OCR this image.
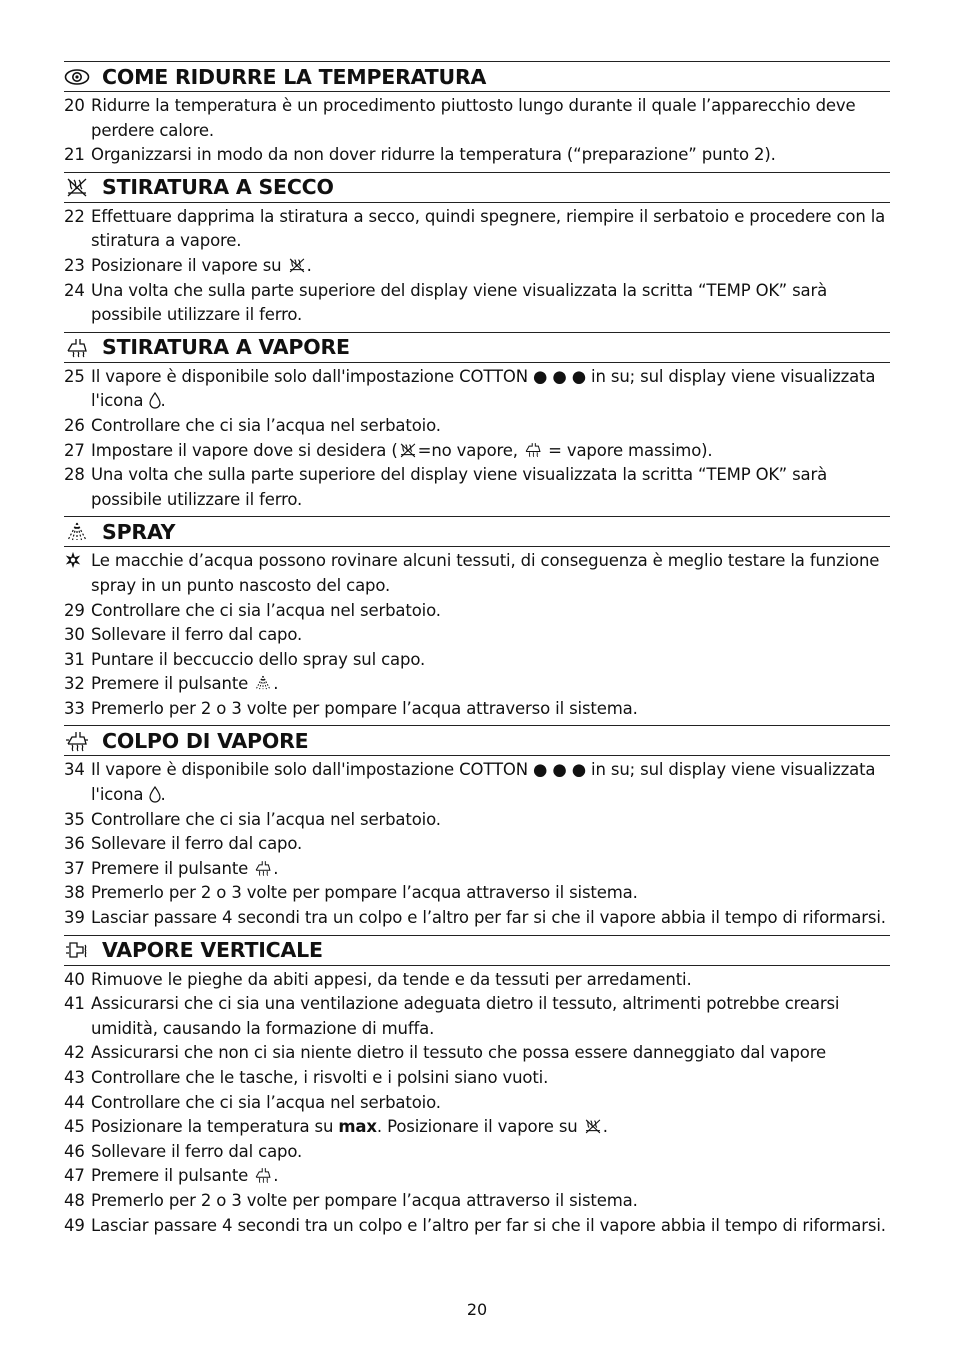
COME RIDURRE LA TEMPERATURA
20 Ridurre la temperatura è un procedimento piuttosto lungo durante il quale l’apparecchio deve perdere calore.
21 Organizzarsi in modo da non dover ridurre la temperatura (“preparazione” punto 2).
STIRATURA A SECCO
22 Effettuare dapprima la stiratura a secco, quindi spegnere, riempire il serbatoio e procedere con la stiratura a vapore.
23 Posizionare il vapore su .
24 Una volta che sulla parte superiore del display viene visualizzata la scritta “TEMP OK” sarà possibile utilizzare il ferro.
STIRATURA A VAPORE
25 Il vapore è disponibile solo dall'impostazione COTTON ● ● ● in su; sul display viene visualizzata l'icona .
26 Controllare che ci sia l’acqua nel serbatoio.
27 Impostare il vapore dove si desidera ( =no vapore,  = vapore massimo).
28 Una volta che sulla parte superiore del display viene visualizzata la scritta “TEMP OK” sarà possibile utilizzare il ferro.
SPRAY
Le macchie d’acqua possono rovinare alcuni tessuti, di conseguenza è meglio testare la funzione spray in un punto nascosto del capo.
29 Controllare che ci sia l’acqua nel serbatoio.
30 Sollevare il ferro dal capo.
31 Puntare il beccuccio dello spray sul capo.
32 Premere il pulsante .
33 Premerlo per 2 o 3 volte per pompare l’acqua attraverso il sistema.
COLPO DI VAPORE
34 Il vapore è disponibile solo dall'impostazione COTTON ● ● ● in su; sul display viene visualizzata l'icona .
35 Controllare che ci sia l’acqua nel serbatoio.
36 Sollevare il ferro dal capo.
37 Premere il pulsante .
38 Premerlo per 2 o 3 volte per pompare l’acqua attraverso il sistema.
39 Lasciar passare 4 secondi tra un colpo e l’altro per far si che il vapore abbia il tempo di riformarsi.
VAPORE VERTICALE
40 Rimuove le pieghe da abiti appesi, da tende e da tessuti per arredamenti.
41 Assicurarsi che ci sia una ventilazione adeguata dietro il tessuto, altrimenti potrebbe crearsi umidità, causando la formazione di muffa.
42 Assicurarsi che non ci sia niente dietro il tessuto che possa essere danneggiato dal vapore
43 Controllare che le tasche, i risvolti e i polsini siano vuoti.
44 Controllare che ci sia l’acqua nel serbatoio.
45 Posizionare la temperatura su max. Posizionare il vapore su .
46 Sollevare il ferro dal capo.
47 Premere il pulsante .
48 Premerlo per 2 o 3 volte per pompare l’acqua attraverso il sistema.
49 Lasciar passare 4 secondi tra un colpo e l’altro per far si che il vapore abbia il tempo di riformarsi.
20
